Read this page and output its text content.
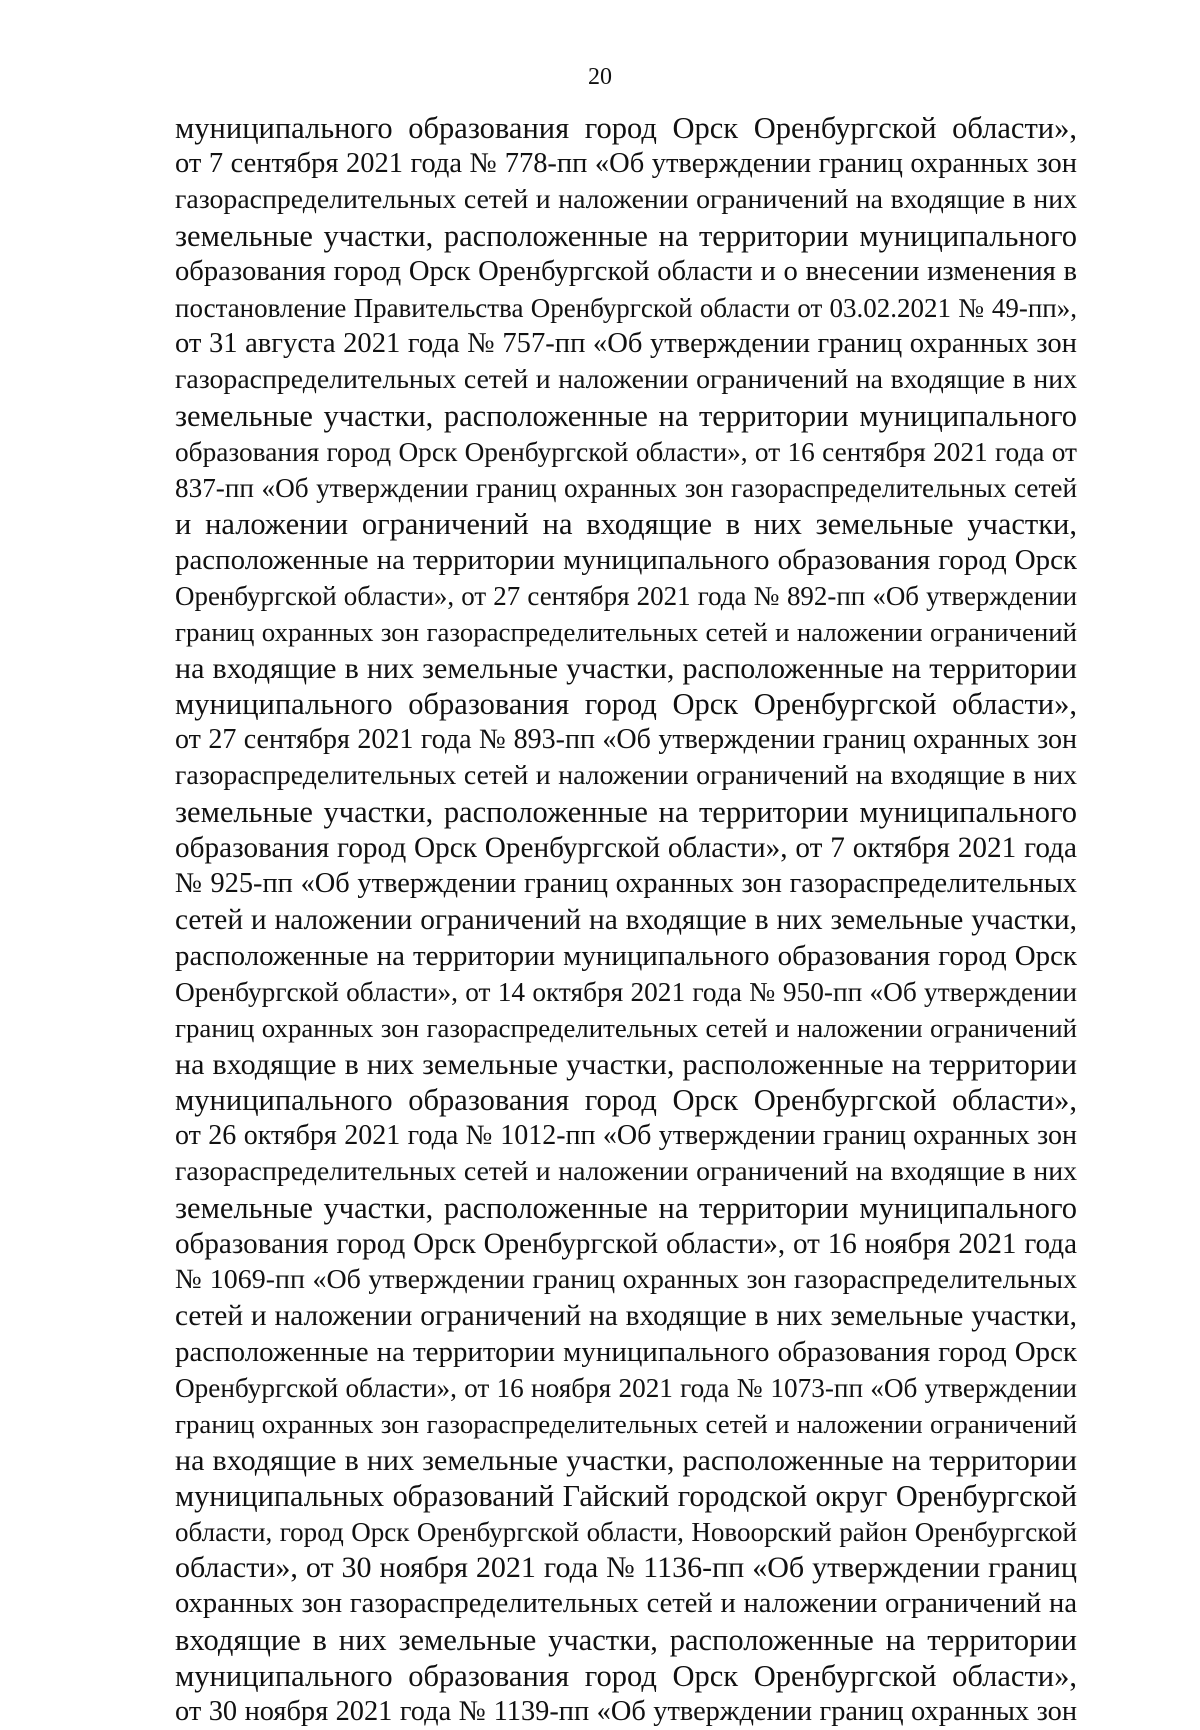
20
муниципального образования город Орск Оренбургской области»,
от 7 сентября 2021 года № 778-пп «Об утверждении границ охранных зон
газораспределительных сетей и наложении ограничений на входящие в них
земельные участки, расположенные на территории муниципального
образования город Орск Оренбургской области и о внесении изменения в
постановление Правительства Оренбургской области от 03.02.2021 № 49-пп»,
от 31 августа 2021 года № 757-пп «Об утверждении границ охранных зон
газораспределительных сетей и наложении ограничений на входящие в них
земельные участки, расположенные на территории муниципального
образования город Орск Оренбургской области», от 16 сентября 2021 года от
837-пп «Об утверждении границ охранных зон газораспределительных сетей
и наложении ограничений на входящие в них земельные участки,
расположенные на территории муниципального образования город Орск
Оренбургской области», от 27 сентября 2021 года № 892-пп «Об утверждении
границ охранных зон газораспределительных сетей и наложении ограничений
на входящие в них земельные участки, расположенные на территории
муниципального образования город Орск Оренбургской области»,
от 27 сентября 2021 года № 893-пп «Об утверждении границ охранных зон
газораспределительных сетей и наложении ограничений на входящие в них
земельные участки, расположенные на территории муниципального
образования город Орск Оренбургской области», от 7 октября 2021 года
№ 925-пп «Об утверждении границ охранных зон газораспределительных
сетей и наложении ограничений на входящие в них земельные участки,
расположенные на территории муниципального образования город Орск
Оренбургской области», от 14 октября 2021 года № 950-пп «Об утверждении
границ охранных зон газораспределительных сетей и наложении ограничений
на входящие в них земельные участки, расположенные на территории
муниципального образования город Орск Оренбургской области»,
от 26 октября 2021 года № 1012-пп «Об утверждении границ охранных зон
газораспределительных сетей и наложении ограничений на входящие в них
земельные участки, расположенные на территории муниципального
образования город Орск Оренбургской области», от 16 ноября 2021 года
№ 1069-пп «Об утверждении границ охранных зон газораспределительных
сетей и наложении ограничений на входящие в них земельные участки,
расположенные на территории муниципального образования город Орск
Оренбургской области», от 16 ноября 2021 года № 1073-пп «Об утверждении
границ охранных зон газораспределительных сетей и наложении ограничений
на входящие в них земельные участки, расположенные на территории
муниципальных образований Гайский городской округ Оренбургской
области, город Орск Оренбургской области, Новоорский район Оренбургской
области», от 30 ноября 2021 года № 1136-пп «Об утверждении границ
охранных зон газораспределительных сетей и наложении ограничений на
входящие в них земельные участки, расположенные на территории
муниципального образования город Орск Оренбургской области»,
от 30 ноября 2021 года № 1139-пп «Об утверждении границ охранных зон
